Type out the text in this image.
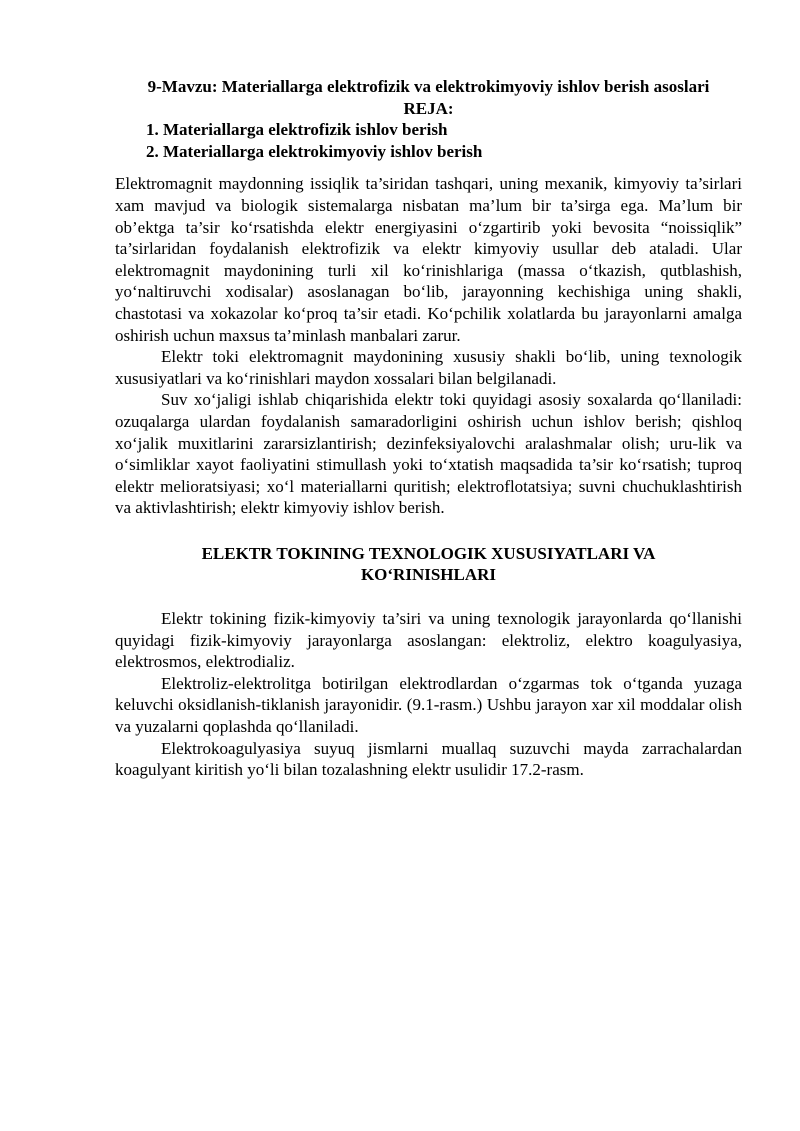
9-Mavzu: Materiallarga elektrofizik va elektrokimyoviy ishlov berish asoslari

REJA:

1. Materiallarga elektrofizik ishlov berish
2. Materiallarga elektrokimyoviy ishlov berish

Elektromagnit maydonning issiqlik ta’siridan tashqari, uning mexanik, kimyoviy ta’sirlari xam mavjud va biologik sistemalarga nisbatan ma’lum bir ta’sirga ega. Ma’lum bir ob’ektga ta’sir ko‘rsatishda elektr energiyasini o‘zgartirib yoki bevosita “noissiqlik” ta’sirlaridan foydalanish elektrofizik va elektr kimyoviy usullar deb ataladi. Ular elektromagnit maydonining turli xil ko‘rinishlariga (massa o‘tkazish, qutblashish, yo‘naltiruvchi xodisalar) asoslanagan bo‘lib, jarayonning kechishiga uning shakli, chastotasi va xokazolar ko‘proq ta’sir etadi. Ko‘pchilik xolatlarda bu jarayonlarni amalga oshirish uchun maxsus ta’minlash manbalari zarur.

Elektr toki elektromagnit maydonining xususiy shakli bo‘lib, uning texnologik xususiyatlari va ko‘rinishlari maydon xossalari bilan belgilanadi.

Suv xo‘jaligi ishlab chiqarishida elektr toki quyidagi asosiy soxalarda qo‘llaniladi: ozuqalarga ulardan foydalanish samaradorligini oshirish uchun ishlov berish; qishloq xo‘jalik muxitlarini zararsizlantirish; dezinfeksiyalovchi aralashmalar olish; uru-lik va o‘simliklar xayot faoliyatini stimullash yoki to‘xtatish maqsadida ta’sir ko‘rsatish; tuproq elektr melioratsiyasi; xo‘l materiallarni quritish; elektroflotatsiya; suvni chuchuklashtirish va aktivlashtirish; elektr kimyoviy ishlov berish.

ELEKTR TOKINING TEXNOLOGIK XUSUSIYATLARI VA
KO‘RINISHLARI

Elektr tokining fizik-kimyoviy ta’siri va uning texnologik jarayonlarda qo‘llanishi quyidagi fizik-kimyoviy jarayonlarga asoslangan: elektroliz, elektro koagulyasiya, elektrosmos, elektrodializ.

Elektroliz-elektrolitga botirilgan elektrodlardan o‘zgarmas tok o‘tganda yuzaga keluvchi oksidlanish-tiklanish jarayonidir. (9.1-rasm.) Ushbu jarayon xar xil moddalar olish va yuzalarni qoplashda qo‘llaniladi.

Elektrokoagulyasiya suyuq jismlarni muallaq suzuvchi mayda zarrachalardan koagulyant kiritish yo‘li bilan tozalashning elektr usulidir 17.2-rasm.
